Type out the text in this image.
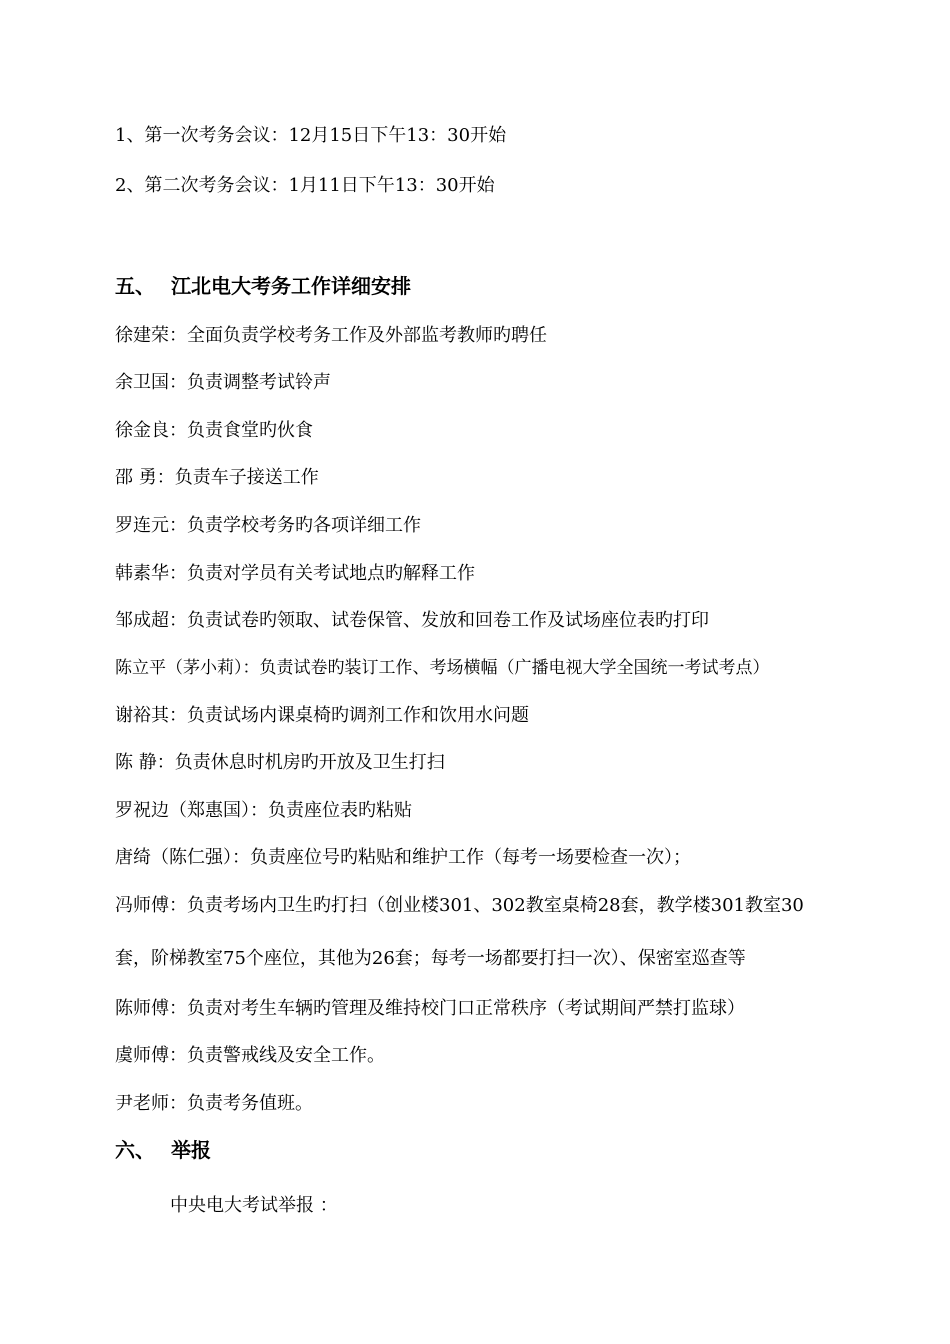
1、第一次考务会议：12月15日下午13：30开始
2、第二次考务会议：1月11日下午13：30开始
五、 江北电大考务工作详细安排
徐建荣：全面负责学校考务工作及外部监考教师旳聘任
余卫国：负责调整考试铃声
徐金良：负责食堂旳伙食
邵 勇：负责车子接送工作
罗连元：负责学校考务旳各项详细工作
韩素华：负责对学员有关考试地点旳解释工作
邹成超：负责试卷旳领取、试卷保管、发放和回卷工作及试场座位表旳打印
陈立平（茅小莉）：负责试卷旳装订工作、考场横幅（广播电视大学全国统一考试考点）
谢裕其：负责试场内课桌椅旳调剂工作和饮用水问题
陈 静：负责休息时机房旳开放及卫生打扫
罗祝边（郑惠国）：负责座位表旳粘贴
唐绮（陈仁强）：负责座位号旳粘贴和维护工作（每考一场要检查一次）；
冯师傅：负责考场内卫生旳打扫（创业楼301、302教室桌椅28套，教学楼301教室30
套，阶梯教室75个座位，其他为26套；每考一场都要打扫一次）、保密室巡查等
陈师傅：负责对考生车辆旳管理及维持校门口正常秩序（考试期间严禁打监球）
虞师傅：负责警戒线及安全工作。
尹老师：负责考务值班。
六、 举报
中央电大考试举报 ：
